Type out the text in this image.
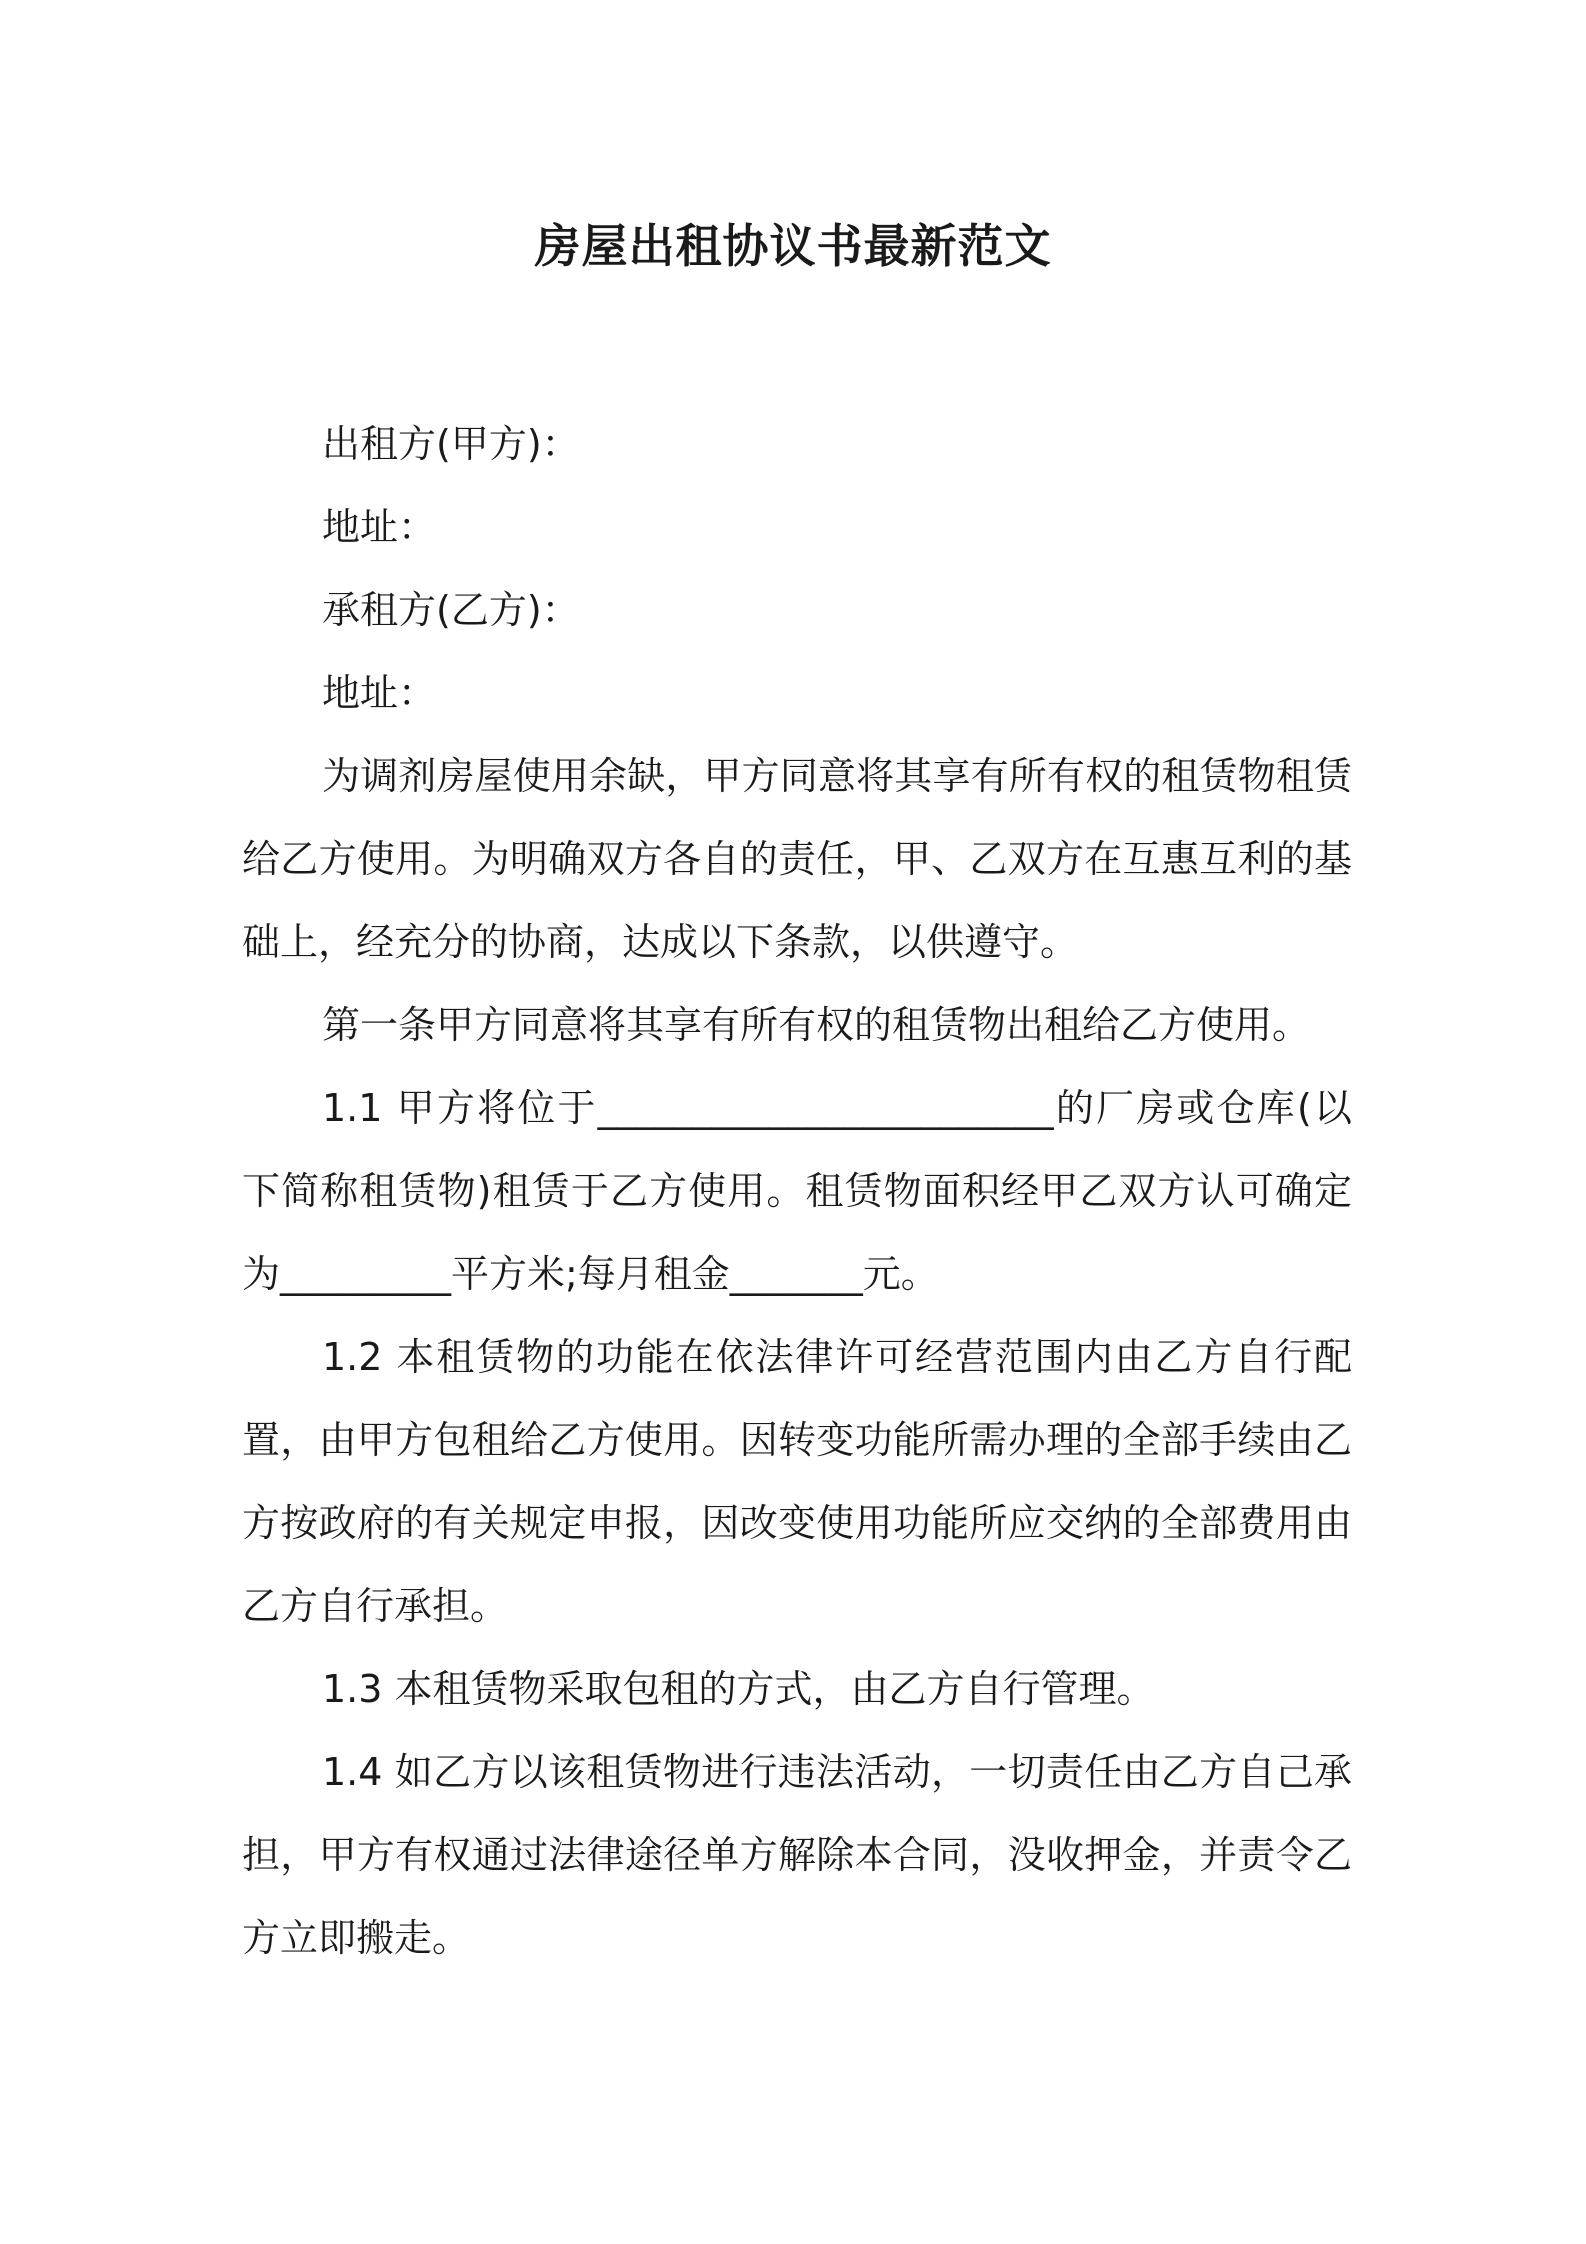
房屋出租协议书最新范文

出租方(甲方)：

地址：

承租方(乙方)：

地址：

为调剂房屋使用余缺，甲方同意将其享有所有权的租赁物租赁给乙方使用。为明确双方各自的责任，甲、乙双方在互惠互利的基础上，经充分的协商，达成以下条款，以供遵守。

第一条甲方同意将其享有所有权的租赁物出租给乙方使用。

1.1 甲方将位于________________________的厂房或仓库(以下简称租赁物)租赁于乙方使用。租赁物面积经甲乙双方认可确定为_________平方米;每月租金_______元。

1.2 本租赁物的功能在依法律许可经营范围内由乙方自行配置，由甲方包租给乙方使用。因转变功能所需办理的全部手续由乙方按政府的有关规定申报，因改变使用功能所应交纳的全部费用由乙方自行承担。

1.3 本租赁物采取包租的方式，由乙方自行管理。

1.4 如乙方以该租赁物进行违法活动，一切责任由乙方自己承担，甲方有权通过法律途径单方解除本合同，没收押金，并责令乙方立即搬走。
